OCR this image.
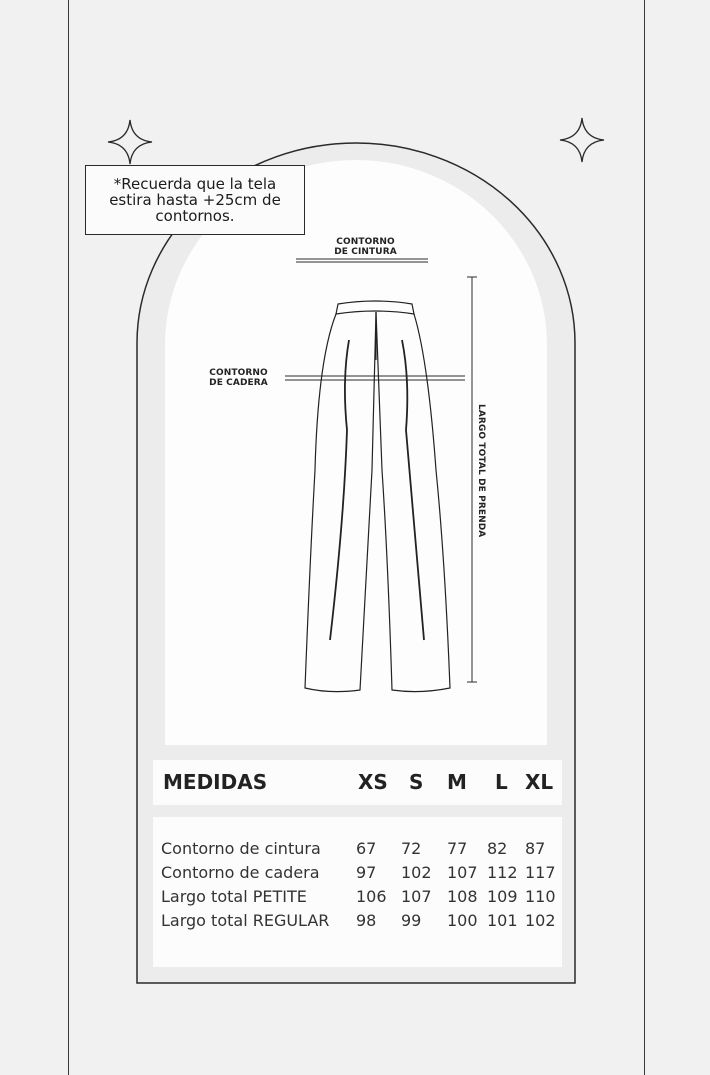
*Recuerda que la tela estira hasta +25cm de contornos.
CONTORNO
DE CINTURA
CONTORNO
DE CADERA
LARGO TOTAL DE PRENDA
MEDIDAS	XS S M L XL
Contorno de cintura 67 72 77 82 87
Contorno de cadera 97 102 107 112 117
Largo total PETITE	106 107 108 109 110
Largo total REGULAR 98 99 100 101 102
